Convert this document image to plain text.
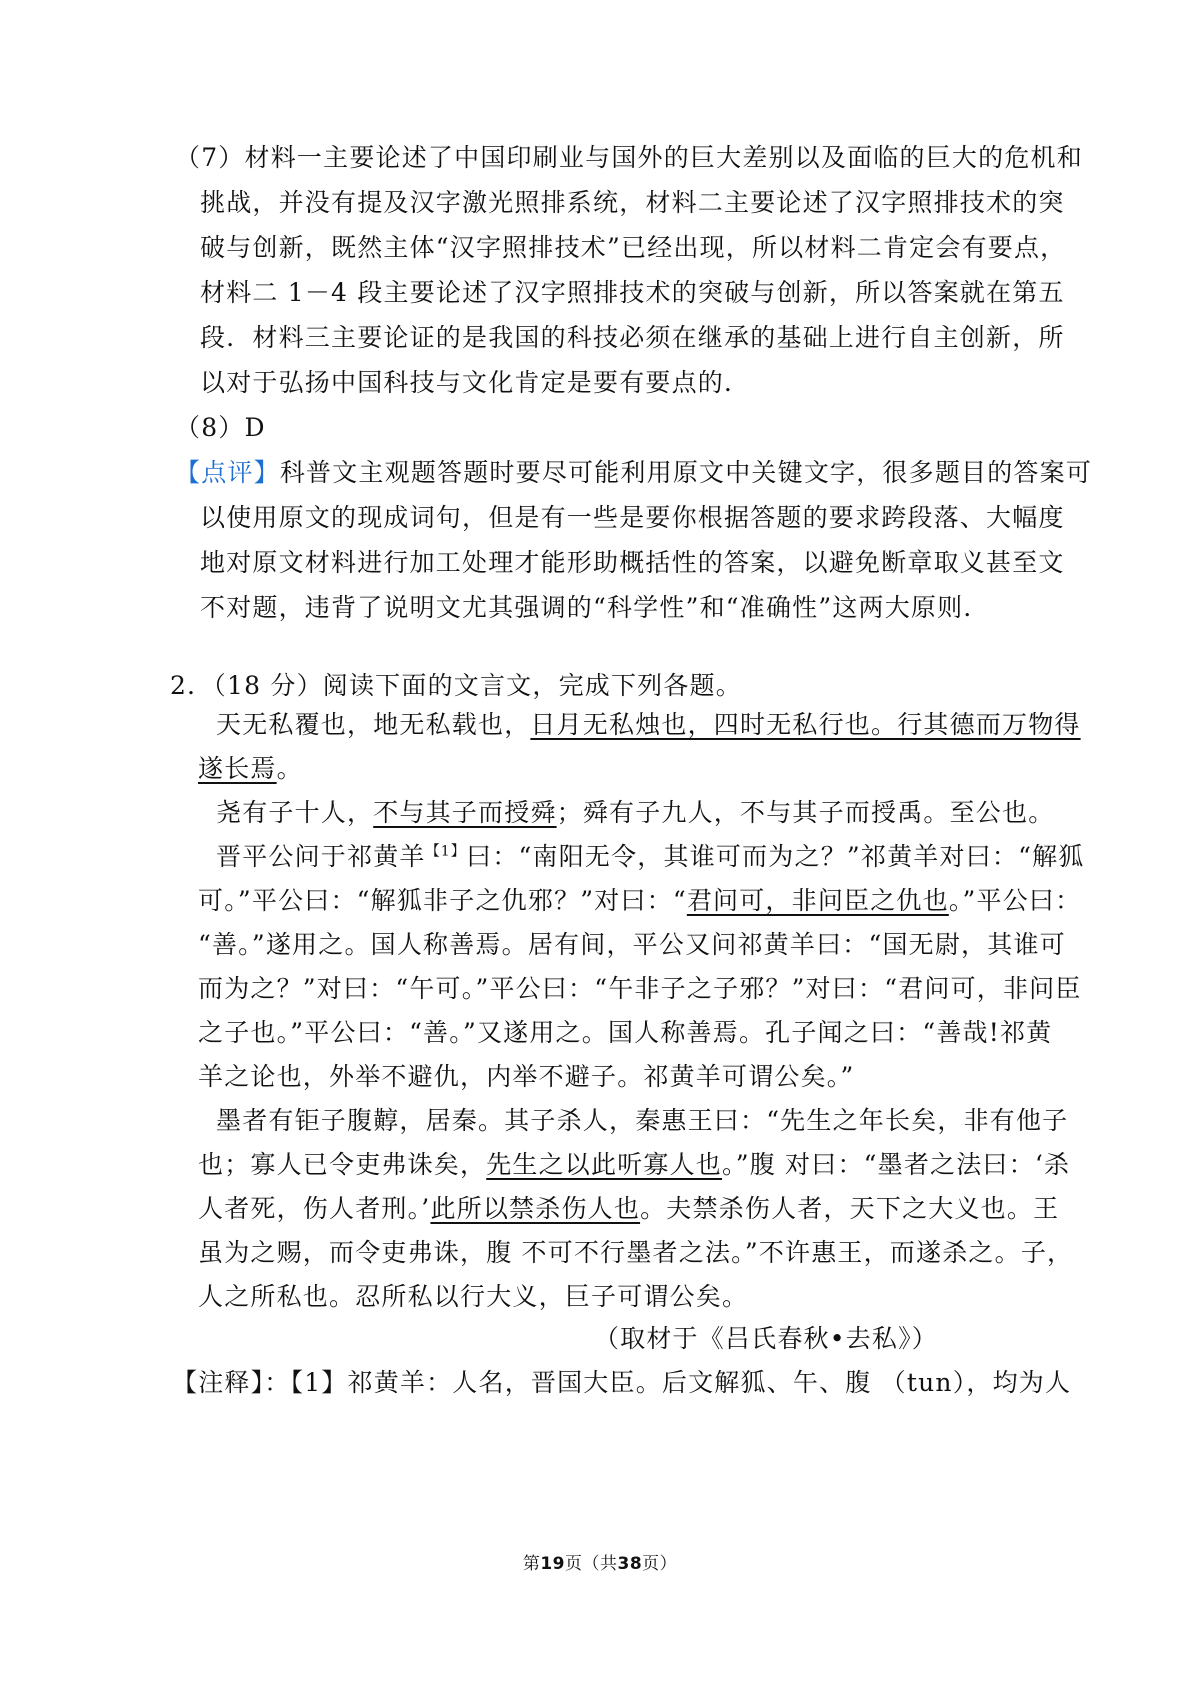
（7）材料一主要论述了中国印刷业与国外的巨大差别以及面临的巨大的危机和
挑战，并没有提及汉字激光照排系统，材料二主要论述了汉字照排技术的突
破与创新，既然主体“汉字照排技术”已经出现，所以材料二肯定会有要点，
材料二 1－4 段主要论述了汉字照排技术的突破与创新，所以答案就在第五
段．材料三主要论证的是我国的科技必须在继承的基础上进行自主创新，所
以对于弘扬中国科技与文化肯定是要有要点的．
（8）D
【点评】科普文主观题答题时要尽可能利用原文中关键文字，很多题目的答案可
以使用原文的现成词句，但是有一些是要你根据答题的要求跨段落、大幅度
地对原文材料进行加工处理才能形助概括性的答案，以避免断章取义甚至文
不对题，违背了说明文尤其强调的“科学性”和“准确性”这两大原则．
2．（18 分）阅读下面的文言文，完成下列各题。
天无私覆也，地无私载也，日月无私烛也，四时无私行也。行其德而万物得
遂长焉。
尧有子十人，不与其子而授舜；舜有子九人，不与其子而授禹。至公也。
晋平公问于祁黄羊$^{【1】}$曰：“南阳无令，其谁可而为之？”祁黄羊对曰：“解狐
可。”平公曰：“解狐非子之仇邪？”对曰：“君问可，非问臣之仇也。”平公曰：
“善。”遂用之。国人称善焉。居有间，平公又问祁黄羊曰：“国无尉，其谁可
而为之？”对曰：“午可。”平公曰：“午非子之子邪？”对曰：“君问可，非问臣
之子也。”平公曰：“善。”又遂用之。国人称善焉。孔子闻之曰：“善哉!祁黄
羊之论也，外举不避仇，内举不避子。祁黄羊可谓公矣。”
墨者有钜子腹䵍，居秦。其子杀人，秦惠王曰：“先生之年长矣，非有他子
也；寡人已令吏弗诛矣，先生之以此听寡人也。”腹 对曰：“墨者之法曰：‘杀
人者死，伤人者刑。’此所以禁杀伤人也。夫禁杀伤人者，天下之大义也。王
虽为之赐，而令吏弗诛，腹 不可不行墨者之法。”不许惠王，而遂杀之。子，
人之所私也。忍所私以行大义，巨子可谓公矣。
（取材于《吕氏春秋•去私》）
【注释】：【1】祁黄羊：人名，晋国大臣。后文解狐、午、腹 （tun），均为人
第19页（共38页）
